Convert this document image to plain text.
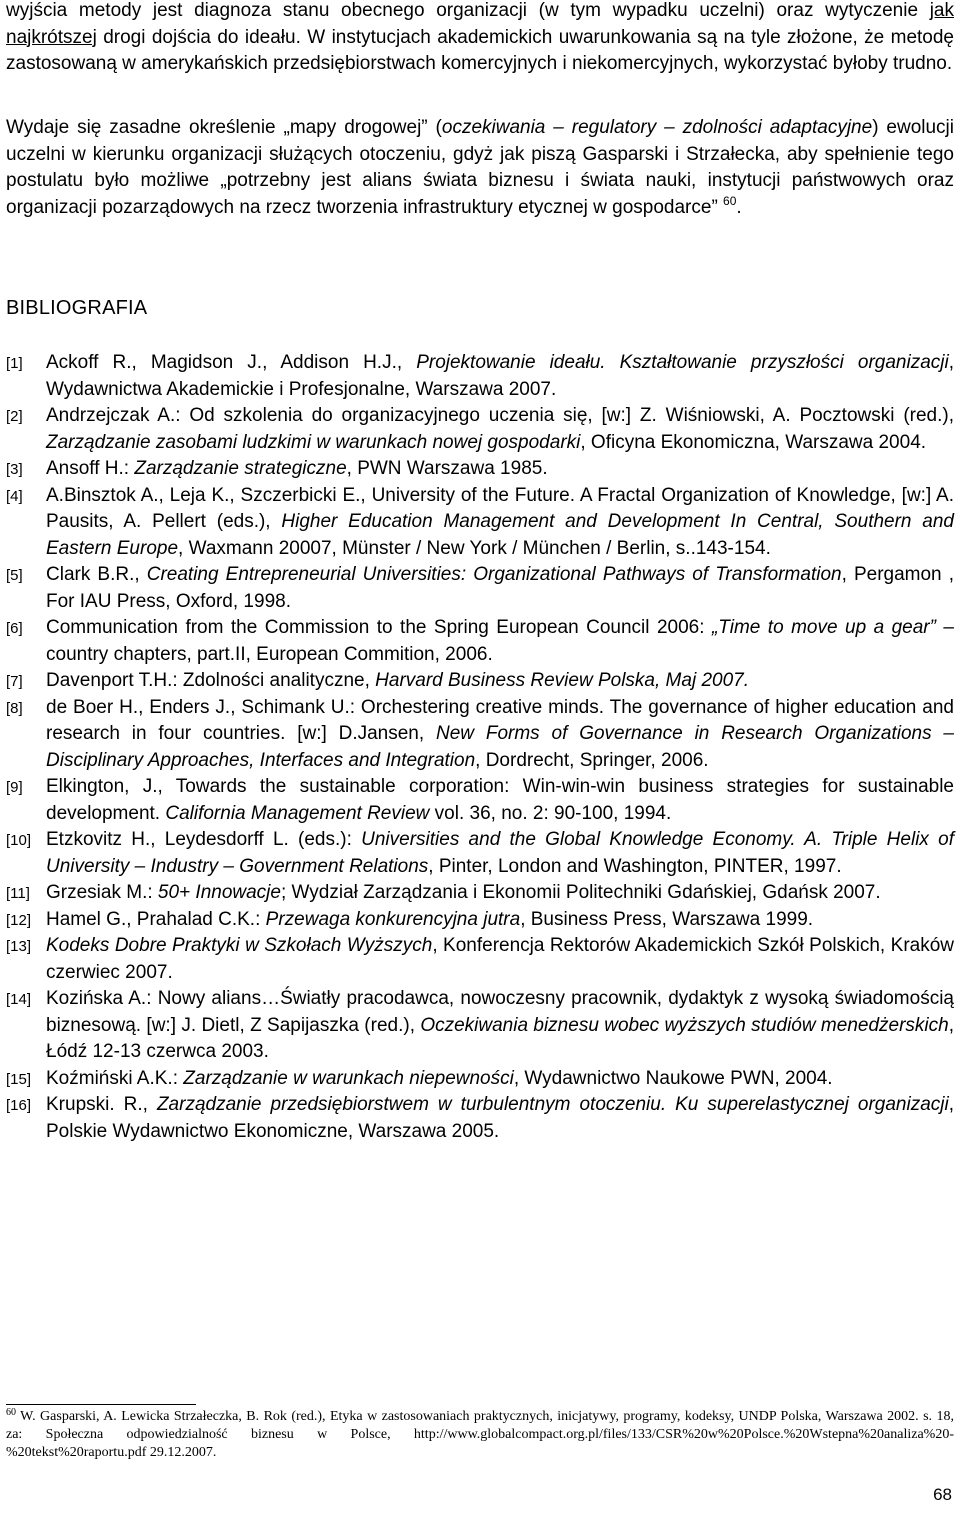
wyjścia metody jest diagnoza stanu obecnego organizacji (w tym wypadku uczelni) oraz wytyczenie jak najkrótszej drogi dojścia do ideału. W instytucjach akademickich uwarunkowania są na tyle złożone, że metodę zastosowaną w amerykańskich przedsiębiorstwach komercyjnych i niekomercyjnych, wykorzystać byłoby trudno.

Wydaje się zasadne określenie „mapy drogowej” (oczekiwania – regulatory – zdolności adaptacyjne) ewolucji uczelni w kierunku organizacji służących otoczeniu, gdyż jak piszą Gasparski i Strzałecka, aby spełnienie tego postulatu było możliwe „potrzebny jest alians świata biznesu i świata nauki, instytucji państwowych oraz organizacji pozarządowych na rzecz tworzenia infrastruktury etycznej w gospodarce” $^{60}$.

BIBLIOGRAFIA
[1] Ackoff R., Magidson J., Addison H.J., Projektowanie ideału. Kształtowanie przyszłości organizacji, Wydawnictwa Akademickie i Profesjonalne, Warszawa 2007.
[2] Andrzejczak A.: Od szkolenia do organizacyjnego uczenia się, [w:] Z. Wiśniowski, A. Pocztowski (red.), Zarządzanie zasobami ludzkimi w warunkach nowej gospodarki, Oficyna Ekonomiczna, Warszawa 2004.
[3] Ansoff H.: Zarządzanie strategiczne, PWN Warszawa 1985.
[4] A.Binsztok A., Leja K., Szczerbicki E., University of the Future. A Fractal Organization of Knowledge, [w:] A. Pausits, A. Pellert (eds.), Higher Education Management and Development In Central, Southern and Eastern Europe, Waxmann 20007, Münster / New York / München / Berlin, s..143-154.
[5] Clark B.R., Creating Entrepreneurial Universities: Organizational Pathways of Transformation, Pergamon , For IAU Press, Oxford, 1998.
[6] Communication from the Commission to the Spring European Council 2006: „Time to move up a gear” – country chapters, part.II, European Commition, 2006.
[7] Davenport T.H.: Zdolności analityczne, Harvard Business Review Polska, Maj 2007.
[8] de Boer H., Enders J., Schimank U.: Orchestering creative minds. The governance of higher education and research in four countries. [w:] D.Jansen, New Forms of Governance in Research Organizations – Disciplinary Approaches, Interfaces and Integration, Dordrecht, Springer, 2006.
[9] Elkington, J., Towards the sustainable corporation: Win-win-win business strategies for sustainable development. California Management Review vol. 36, no. 2: 90-100, 1994.
[10] Etzkovitz H., Leydesdorff L. (eds.): Universities and the Global Knowledge Economy. A. Triple Helix of University – Industry – Government Relations, Pinter, London and Washington, PINTER, 1997.
[11] Grzesiak M.: 50+ Innowacje; Wydział Zarządzania i Ekonomii Politechniki Gdańskiej, Gdańsk 2007.
[12] Hamel G., Prahalad C.K.: Przewaga konkurencyjna jutra, Business Press, Warszawa 1999.
[13] Kodeks Dobre Praktyki w Szkołach Wyższych, Konferencja Rektorów Akademickich Szkół Polskich, Kraków czerwiec 2007.
[14] Kozińska A.: Nowy alians…Światły pracodawca, nowoczesny pracownik, dydaktyk z wysoką świadomością biznesową. [w:] J. Dietl, Z Sapijaszka (red.), Oczekiwania biznesu wobec wyższych studiów menedżerskich, Łódź 12-13 czerwca 2003.
[15] Koźmiński A.K.: Zarządzanie w warunkach niepewności, Wydawnictwo Naukowe PWN, 2004.
[16] Krupski. R., Zarządzanie przedsiębiorstwem w turbulentnym otoczeniu. Ku superelastycznej organizacji, Polskie Wydawnictwo Ekonomiczne, Warszawa 2005.

$^{60}$ W. Gasparski, A. Lewicka Strzałeczka, B. Rok (red.), Etyka w zastosowaniach praktycznych, inicjatywy, programy, kodeksy, UNDP Polska, Warszawa 2002. s. 18, za: Społeczna odpowiedzialność biznesu w Polsce, http://www.globalcompact.org.pl/files/133/CSR%20w%20Polsce.%20Wstepna%20analiza%20-%20tekst%20raportu.pdf 29.12.2007.

68
